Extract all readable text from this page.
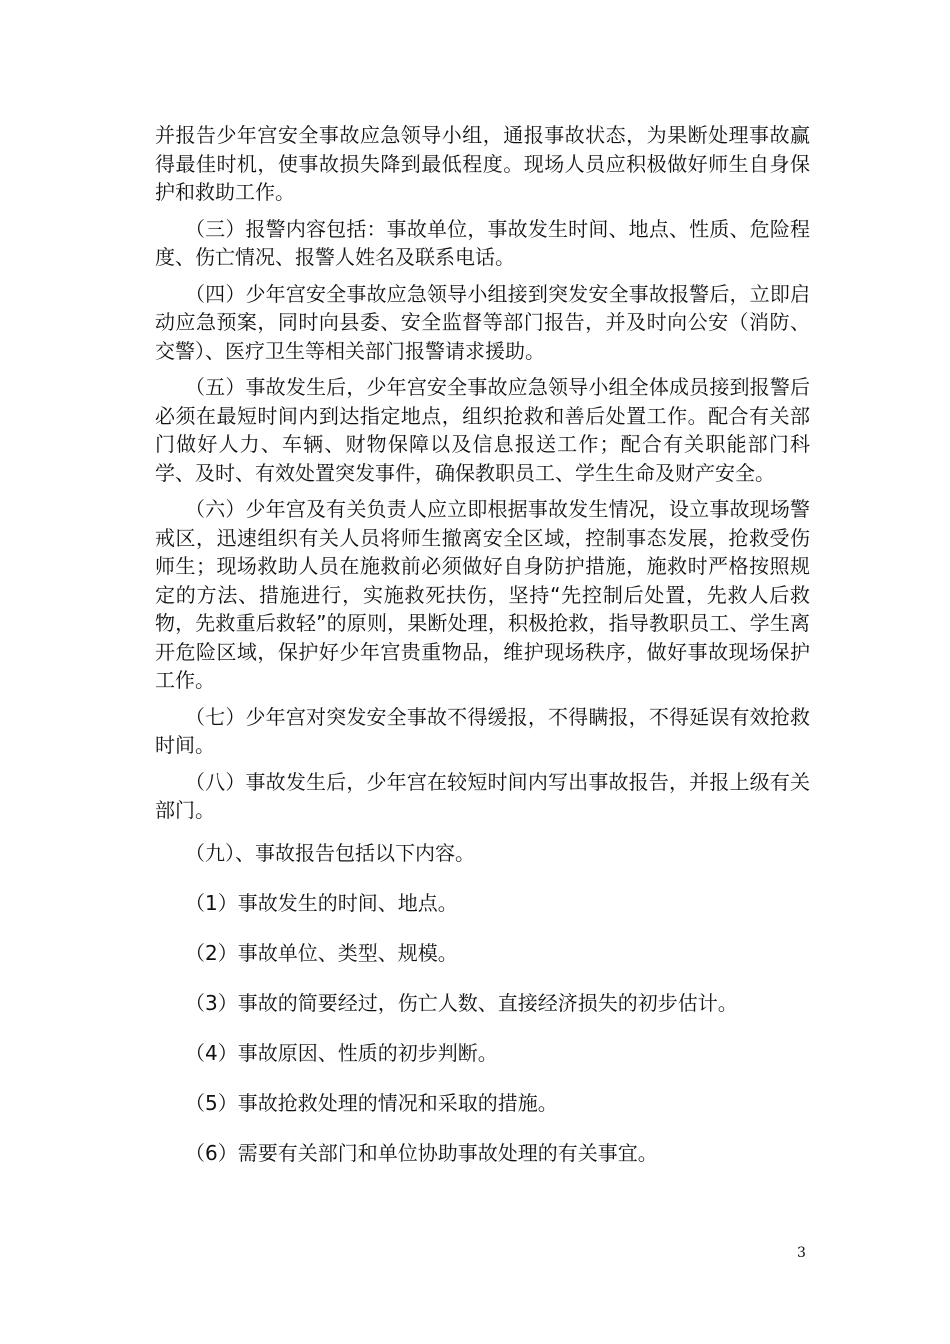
并报告少年宫安全事故应急领导小组，通报事故状态，为果断处理事故赢得最佳时机，使事故损失降到最低程度。现场人员应积极做好师生自身保护和救助工作。

（三）报警内容包括：事故单位，事故发生时间、地点、性质、危险程度、伤亡情况、报警人姓名及联系电话。

（四）少年宫安全事故应急领导小组接到突发安全事故报警后，立即启动应急预案，同时向县委、安全监督等部门报告，并及时向公安（消防、交警）、医疗卫生等相关部门报警请求援助。

（五）事故发生后，少年宫安全事故应急领导小组全体成员接到报警后必须在最短时间内到达指定地点，组织抢救和善后处置工作。配合有关部门做好人力、车辆、财物保障以及信息报送工作；配合有关职能部门科学、及时、有效处置突发事件，确保教职员工、学生生命及财产安全。

（六）少年宫及有关负责人应立即根据事故发生情况，设立事故现场警戒区，迅速组织有关人员将师生撤离安全区域，控制事态发展，抢救受伤师生；现场救助人员在施救前必须做好自身防护措施，施救时严格按照规定的方法、措施进行，实施救死扶伤，坚持“先控制后处置，先救人后救物，先救重后救轻”的原则，果断处理，积极抢救，指导教职员工、学生离开危险区域，保护好少年宫贵重物品，维护现场秩序，做好事故现场保护工作。

（七）少年宫对突发安全事故不得缓报，不得瞒报，不得延误有效抢救时间。

（八）事故发生后，少年宫在较短时间内写出事故报告，并报上级有关部门。

（九）、事故报告包括以下内容。

（1）事故发生的时间、地点。

（2）事故单位、类型、规模。

（3）事故的简要经过，伤亡人数、直接经济损失的初步估计。

（4）事故原因、性质的初步判断。

（5）事故抢救处理的情况和采取的措施。

（6）需要有关部门和单位协助事故处理的有关事宜。

3
